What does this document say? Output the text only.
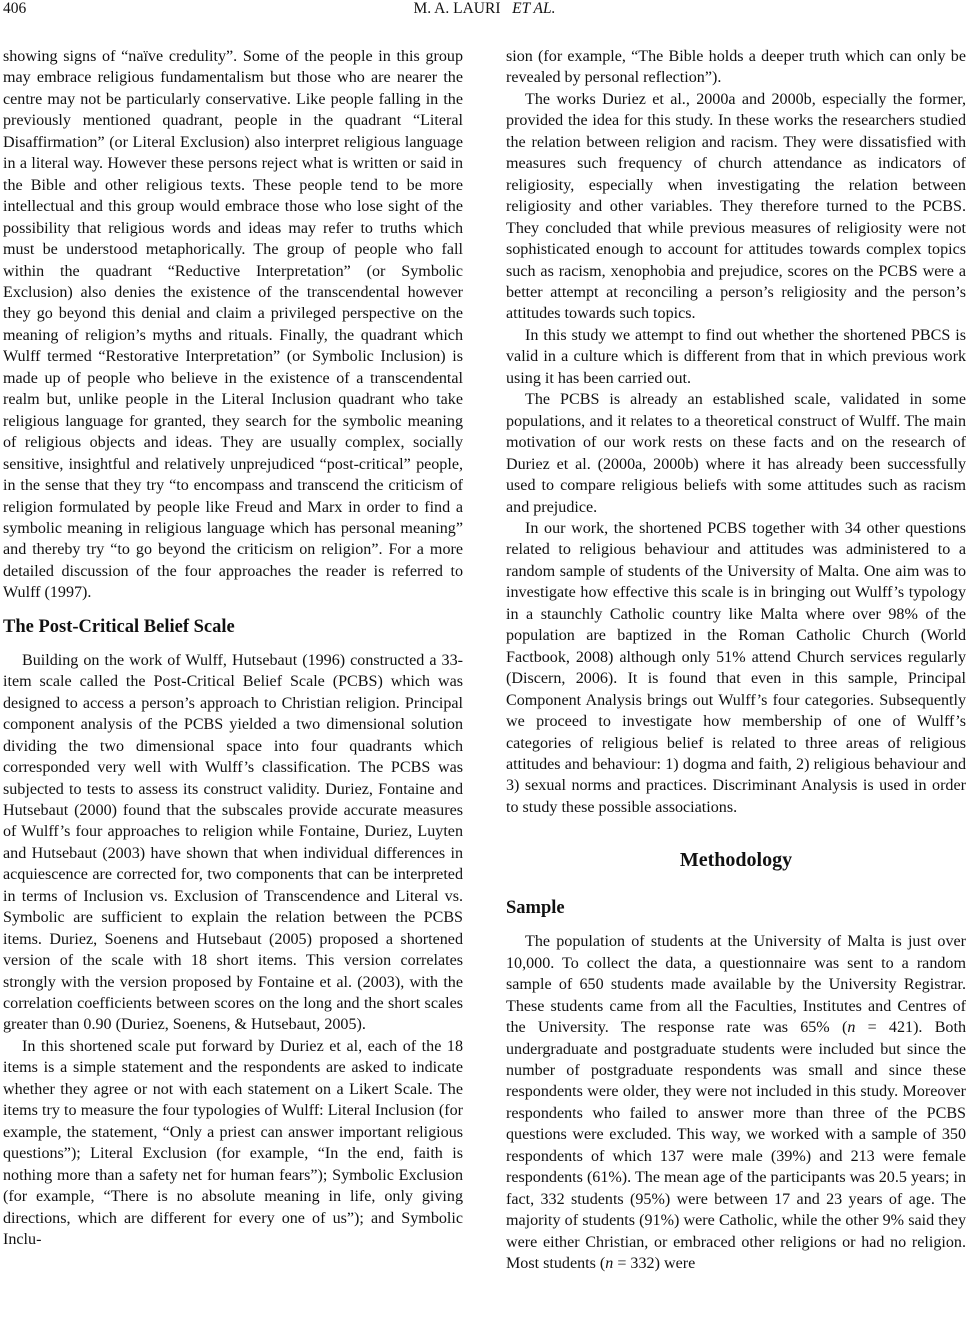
406	M. A. LAURI ET AL.

showing signs of “naïve credulity”. Some of the people in this group may embrace religious fundamentalism but those who are nearer the centre may not be particularly conservative. Like people falling in the previously mentioned quadrant, people in the quadrant “Literal Disaffirmation” (or Literal Exclusion) also interpret religious language in a literal way. However these persons reject what is written or said in the Bible and other religious texts. These people tend to be more intellectual and this group would embrace those who lose sight of the possibility that religious words and ideas may refer to truths which must be understood metaphorically. The group of people who fall within the quadrant “Reductive Interpretation” (or Symbolic Exclusion) also denies the existence of the transcendental however they go beyond this denial and claim a privileged perspective on the meaning of religion’s myths and rituals. Finally, the quadrant which Wulff termed “Restorative Interpretation” (or Symbolic Inclusion) is made up of people who believe in the existence of a transcendental realm but, unlike people in the Literal Inclusion quadrant who take religious language for granted, they search for the symbolic meaning of religious objects and ideas. They are usually complex, socially sensitive, insightful and relatively unprejudiced “post-critical” people, in the sense that they try “to encompass and transcend the criticism of religion formulated by people like Freud and Marx in order to find a symbolic meaning in religious language which has personal meaning” and thereby try “to go beyond the criticism on religion”. For a more detailed discussion of the four approaches the reader is referred to Wulff (1997).

The Post-Critical Belief Scale

Building on the work of Wulff, Hutsebaut (1996) constructed a 33-item scale called the Post-Critical Belief Scale (PCBS) which was designed to access a person’s approach to Christian religion. Principal component analysis of the PCBS yielded a two dimensional solution dividing the two dimensional space into four quadrants which corresponded very well with Wulff’s classification. The PCBS was subjected to tests to assess its construct validity. Duriez, Fontaine and Hutsebaut (2000) found that the subscales provide accurate measures of Wulff’s four approaches to religion while Fontaine, Duriez, Luyten and Hutsebaut (2003) have shown that when individual differences in acquiescence are corrected for, two components that can be interpreted in terms of Inclusion vs. Exclusion of Transcendence and Literal vs. Symbolic are sufficient to explain the relation between the PCBS items. Duriez, Soenens and Hutsebaut (2005) proposed a shortened version of the scale with 18 short items. This version correlates strongly with the version proposed by Fontaine et al. (2003), with the correlation coefficients between scores on the long and the short scales greater than 0.90 (Duriez, Soenens, & Hutsebaut, 2005).

In this shortened scale put forward by Duriez et al, each of the 18 items is a simple statement and the respondents are asked to indicate whether they agree or not with each statement on a Likert Scale. The items try to measure the four typologies of Wulff: Literal Inclusion (for example, the statement, “Only a priest can answer important religious questions”); Literal Exclusion (for example, “In the end, faith is nothing more than a safety net for human fears”); Symbolic Exclusion (for example, “There is no absolute meaning in life, only giving directions, which are different for every one of us”); and Symbolic Inclu-

sion (for example, “The Bible holds a deeper truth which can only be revealed by personal reflection”).

The works Duriez et al., 2000a and 2000b, especially the former, provided the idea for this study. In these works the researchers studied the relation between religion and racism. They were dissatisfied with measures such frequency of church attendance as indicators of religiosity, especially when investigating the relation between religiosity and other variables. They therefore turned to the PCBS. They concluded that while previous measures of religiosity were not sophisticated enough to account for attitudes towards complex topics such as racism, xenophobia and prejudice, scores on the PCBS were a better attempt at reconciling a person’s religiosity and the person’s attitudes towards such topics.

In this study we attempt to find out whether the shortened PBCS is valid in a culture which is different from that in which previous work using it has been carried out.

The PCBS is already an established scale, validated in some populations, and it relates to a theoretical construct of Wulff. The main motivation of our work rests on these facts and on the research of Duriez et al. (2000a, 2000b) where it has already been successfully used to compare religious beliefs with some attitudes such as racism and prejudice.

In our work, the shortened PCBS together with 34 other questions related to religious behaviour and attitudes was administered to a random sample of students of the University of Malta. One aim was to investigate how effective this scale is in bringing out Wulff’s typology in a staunchly Catholic country like Malta where over 98% of the population are baptized in the Roman Catholic Church (World Factbook, 2008) although only 51% attend Church services regularly (Discern, 2006). It is found that even in this sample, Principal Component Analysis brings out Wulff’s four categories. Subsequently we proceed to investigate how membership of one of Wulff’s categories of religious belief is related to three areas of religious attitudes and behaviour: 1) dogma and faith, 2) religious behaviour and 3) sexual norms and practices. Discriminant Analysis is used in order to study these possible associations.

Methodology
Sample

The population of students at the University of Malta is just over 10,000. To collect the data, a questionnaire was sent to a random sample of 650 students made available by the University Registrar. These students came from all the Faculties, Institutes and Centres of the University. The response rate was 65% (n = 421). Both undergraduate and postgraduate students were included but since the number of postgraduate respondents was small and since these respondents were older, they were not included in this study. Moreover respondents who failed to answer more than three of the PCBS questions were excluded. This way, we worked with a sample of 350 respondents of which 137 were male (39%) and 213 were female respondents (61%). The mean age of the participants was 20.5 years; in fact, 332 students (95%) were between 17 and 23 years of age. The majority of students (91%) were Catholic, while the other 9% said they were either Christian, or embraced other religions or had no religion. Most students (n = 332) were
